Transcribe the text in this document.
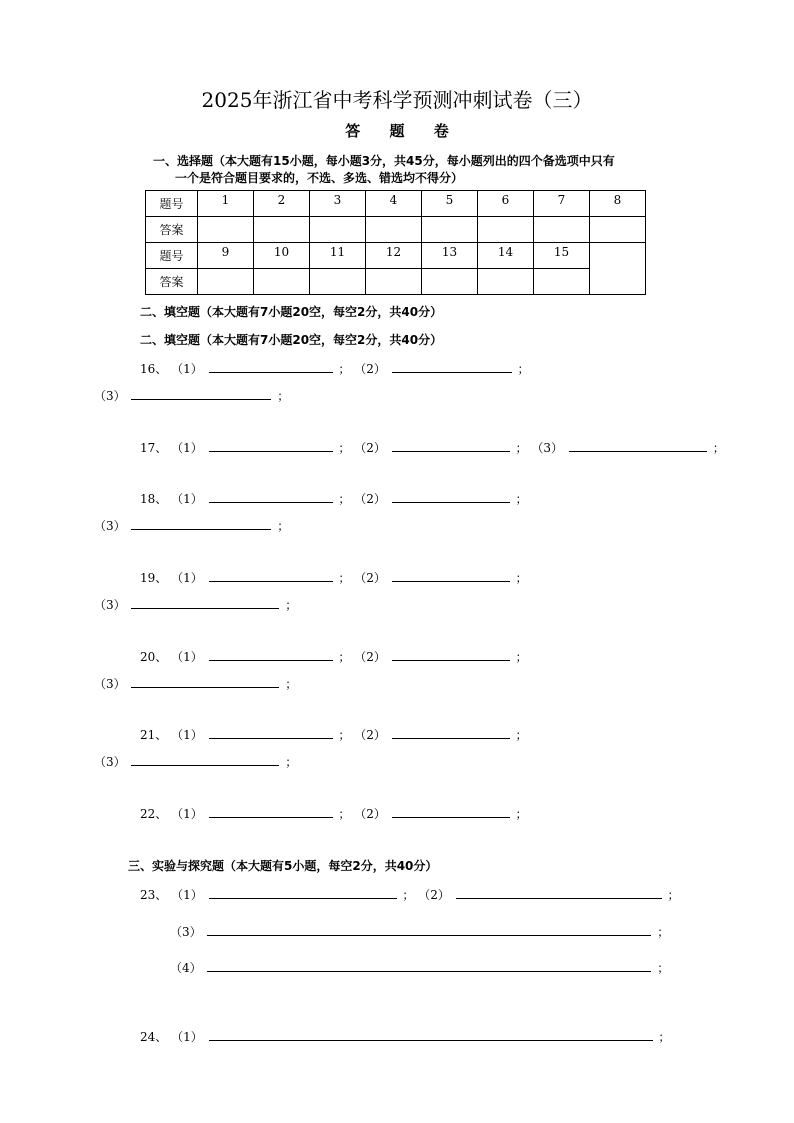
2025年浙江省中考科学预测冲刺试卷（三）
答 题 卷
一、选择题（本大题有15小题，每小题3分，共45分，每小题列出的四个备选项中只有
一个是符合题目要求的，不选、多选、错选均不得分）
题号	1	2	3	4	5	6	7	8
答案								
题号	9	10	11	12	13	14	15	
答案								
二、填空题（本大题有7小题20空，每空2分，共40分）
二、填空题（本大题有7小题20空，每空2分，共40分）
16、 （1）	； （2）	；
（3）	；
17、 （1）	； （2）	； （3）	；
18、 （1）	； （2）	；
（3）	；
19、 （1）	； （2）	；
（3）	；
20、 （1）	； （2）	；
（3）	；
21、 （1）	； （2）	；
（3）	；
22、 （1）	； （2）	；
三、实验与探究题（本大题有5小题，每空2分，共40分）
23、 （1）	； （2）	；
（3）	；
（4）	；
24、 （1）	；
